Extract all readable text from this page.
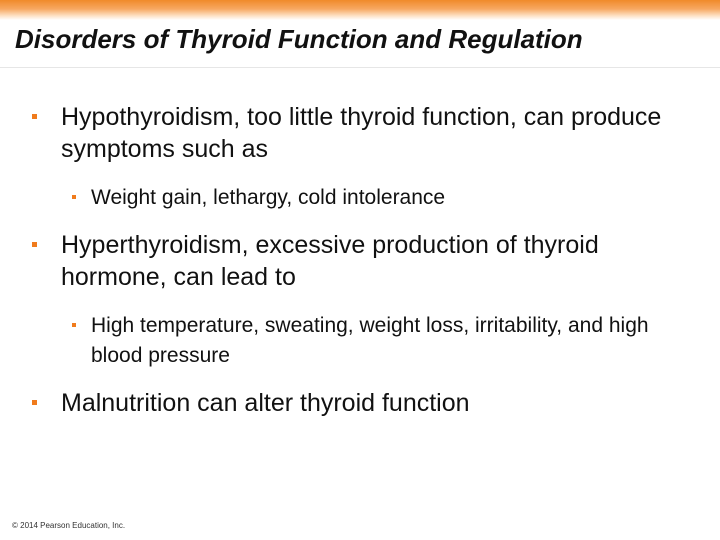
Disorders of Thyroid Function and Regulation
Hypothyroidism, too little thyroid function, can produce symptoms such as
Weight gain, lethargy, cold intolerance
Hyperthyroidism, excessive production of thyroid hormone, can lead to
High temperature, sweating, weight loss, irritability, and high blood pressure
Malnutrition can alter thyroid function
© 2014 Pearson Education, Inc.
